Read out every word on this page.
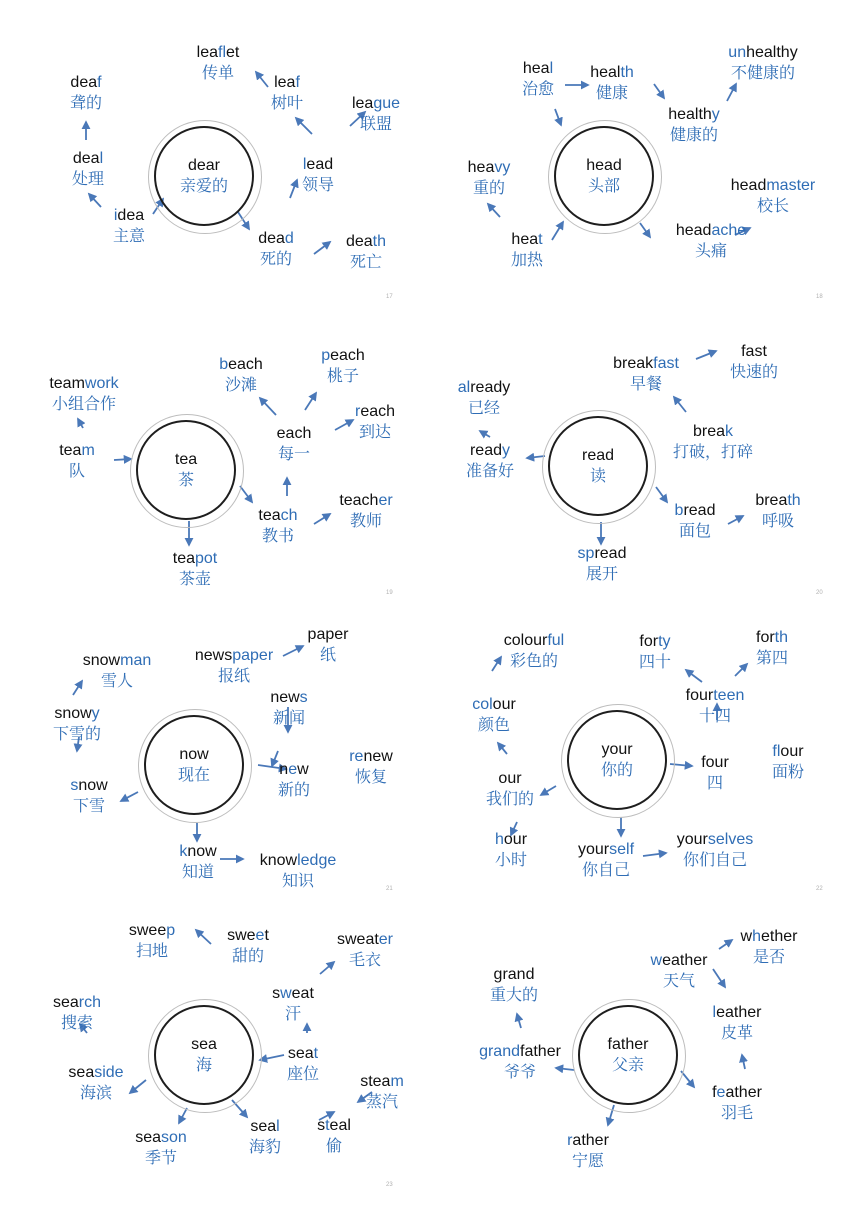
dear
亲爱的
leaflet
传单
leaf
树叶	league
联盟
lead
领导
death
死亡
dead
死的
idea
主意
deal
处理
deaf
聋的
17
head
头部
heal
治愈
health
健康
healthy
健康的
unhealthy
不健康的
heavy
重的
heat
加热
headache
头痛
headmaster
校长
18
tea
茶
beach
沙滩
peach
桃子
reach
到达
each
每一
teamwork
小组合作
team
队
teach
教书
teacher
教师
teapot
茶壶
19
read
读
breakfast
早餐
fast
快速的
already
已经
break
打破，打碎
ready
准备好
bread
面包
breath
呼吸
spread
展开
20
now
现在
paper
纸
newspaper
报纸
snowman
雪人
news
新闻
snowy
下雪的
renew
恢复
new
新的
snow
下雪
know
知道
knowledge
知识	21
your
你的
colourful
彩色的
forty
四十
forth
第四
fourteen
十四
colour
颜色
four
四
flour
面粉
our
我们的
hour
小时
yourself
你自己
yourselves
你们自己
22
sea
海
sweep
扫地
sweet
甜的
sweater
毛衣
sweat
汗
search
搜索
seat
座位
seaside
海滨
steam
蒸汽
steal
偷
seal
海豹
season
季节
23
father
父亲
whether
是否
weather
天气
grand
重大的
leather
皮革
grandfather
爷爷
feather
羽毛
rather
宁愿
